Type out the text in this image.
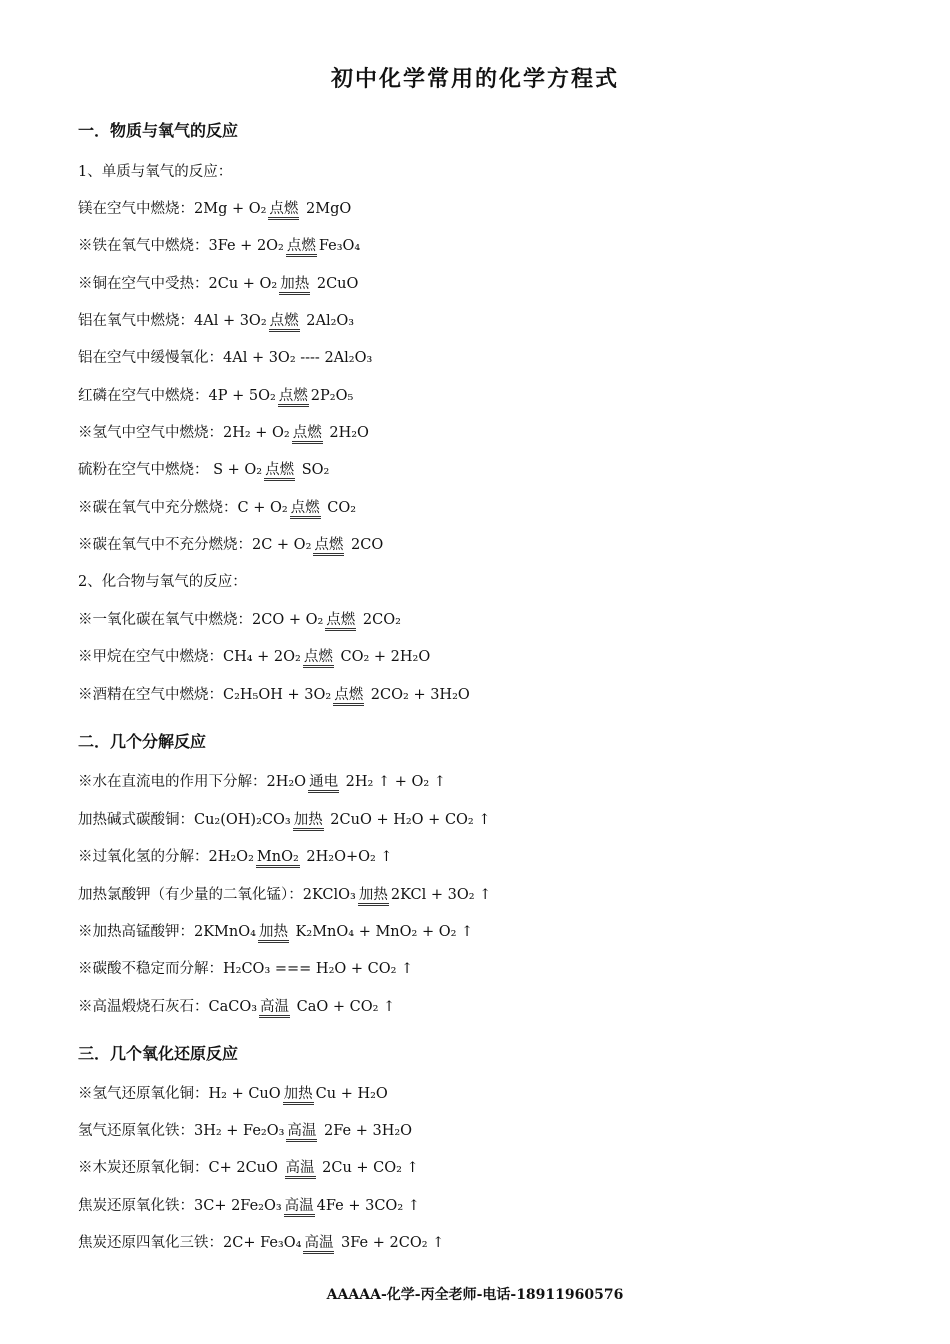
初中化学常用的化学方程式
一．物质与氧气的反应
1、单质与氧气的反应：
镁在空气中燃烧：2Mg + O₂ 点燃 2MgO
※铁在氧气中燃烧：3Fe + 2O₂ 点燃 Fe₃O₄
※铜在空气中受热：2Cu + O₂ 加热 2CuO
铝在氧气中燃烧：4Al + 3O₂ 点燃 2Al₂O₃
铝在空气中缓慢氧化：4Al + 3O₂ ---- 2Al₂O₃
红磷在空气中燃烧：4P + 5O₂ 点燃 2P₂O₅
※氢气中空气中燃烧：2H₂ + O₂ 点燃 2H₂O
硫粉在空气中燃烧： S + O₂ 点燃 SO₂
※碳在氧气中充分燃烧：C + O₂ 点燃 CO₂
※碳在氧气中不充分燃烧：2C + O₂ 点燃 2CO
2、化合物与氧气的反应：
※一氧化碳在氧气中燃烧：2CO + O₂ 点燃 2CO₂
※甲烷在空气中燃烧：CH₄ + 2O₂ 点燃 CO₂ + 2H₂O
※酒精在空气中燃烧：C₂H₅OH + 3O₂ 点燃 2CO₂ + 3H₂O
二．几个分解反应
※水在直流电的作用下分解：2H₂O 通电 2H₂ ↑ + O₂ ↑
加热碱式碳酸铜：Cu₂(OH)₂CO₃ 加热 2CuO + H₂O + CO₂ ↑
※过氧化氢的分解：2H₂O₂ MnO₂ 2H₂O+O₂ ↑
加热氯酸钾（有少量的二氧化锰）：2KClO₃ 加热 2KCl + 3O₂ ↑
※加热高锰酸钾：2KMnO₄ 加热 K₂MnO₄ + MnO₂ + O₂ ↑
※碳酸不稳定而分解：H₂CO₃ === H₂O + CO₂ ↑
※高温煅烧石灰石：CaCO₃ 高温 CaO + CO₂ ↑
三．几个氧化还原反应
※氢气还原氧化铜：H₂ + CuO 加热 Cu + H₂O
氢气还原氧化铁：3H₂ + Fe₂O₃ 高温 2Fe + 3H₂O
※木炭还原氧化铜：C+ 2CuO 高温 2Cu + CO₂ ↑
焦炭还原氧化铁：3C+ 2Fe₂O₃ 高温 4Fe + 3CO₂ ↑
焦炭还原四氧化三铁：2C+ Fe₃O₄ 高温 3Fe + 2CO₂ ↑
AAAAA-化学-丙全老师-电话-18911960576
